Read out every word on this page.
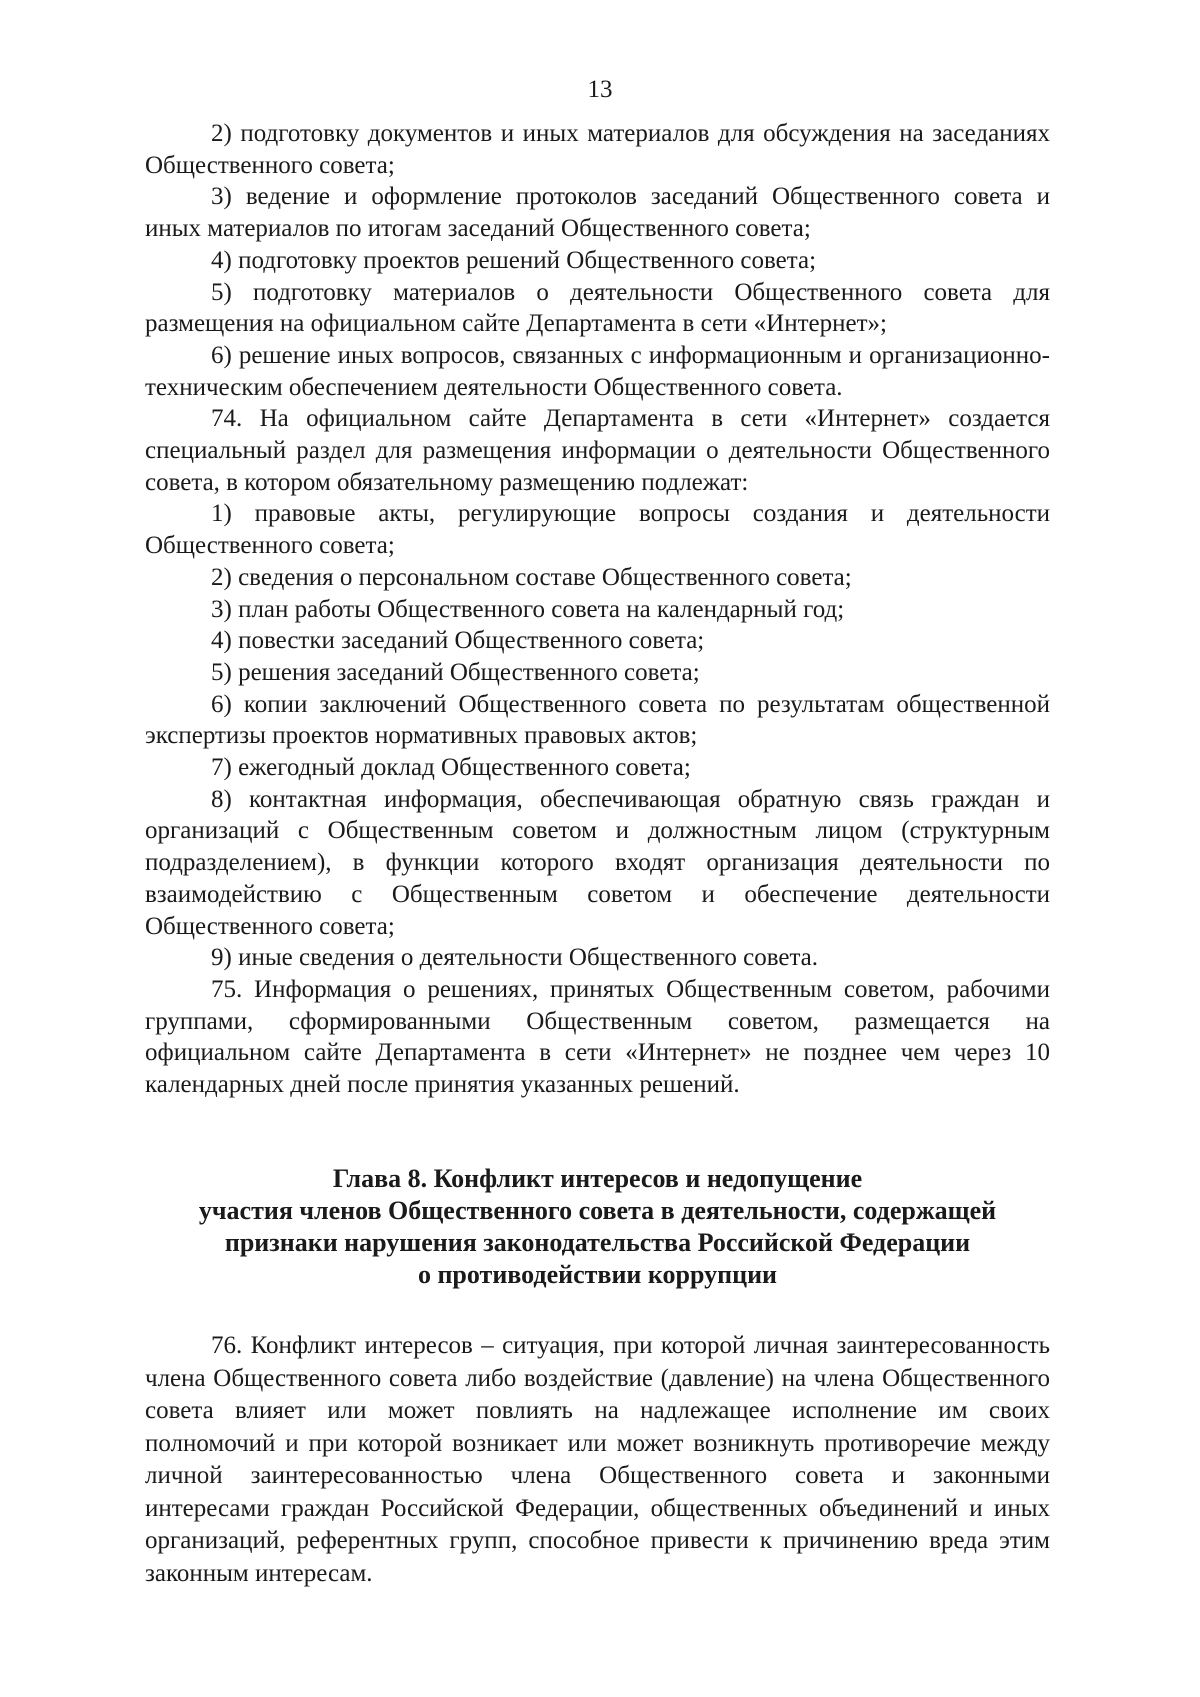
13

2) подготовку документов и иных материалов для обсуждения на заседаниях Общественного совета;

3) ведение и оформление протоколов заседаний Общественного совета и иных материалов по итогам заседаний Общественного совета;

4) подготовку проектов решений Общественного совета;

5) подготовку материалов о деятельности Общественного совета для размещения на официальном сайте Департамента в сети «Интернет»;

6) решение иных вопросов, связанных с информационным и организационно-техническим обеспечением деятельности Общественного совета.

74. На официальном сайте Департамента в сети «Интернет» создается специальный раздел для размещения информации о деятельности Общественного совета, в котором обязательному размещению подлежат:

1) правовые акты, регулирующие вопросы создания и деятельности Общественного совета;

2) сведения о персональном составе Общественного совета;

3) план работы Общественного совета на календарный год;

4) повестки заседаний Общественного совета;

5) решения заседаний Общественного совета;

6) копии заключений Общественного совета по результатам общественной экспертизы проектов нормативных правовых актов;

7) ежегодный доклад Общественного совета;

8) контактная информация, обеспечивающая обратную связь граждан и организаций с Общественным советом и должностным лицом (структурным подразделением), в функции которого входят организация деятельности по взаимодействию с Общественным советом и обеспечение деятельности Общественного совета;

9) иные сведения о деятельности Общественного совета.

75. Информация о решениях, принятых Общественным советом, рабочими группами, сформированными Общественным советом, размещается на официальном сайте Департамента в сети «Интернет» не позднее чем через 10 календарных дней после принятия указанных решений.

Глава 8. Конфликт интересов и недопущение
участия членов Общественного совета в деятельности, содержащей
признаки нарушения законодательства Российской Федерации
о противодействии коррупции

76. Конфликт интересов – ситуация, при которой личная заинтересованность члена Общественного совета либо воздействие (давление) на члена Общественного совета влияет или может повлиять на надлежащее исполнение им своих полномочий и при которой возникает или может возникнуть противоречие между личной заинтересованностью члена Общественного совета и законными интересами граждан Российской Федерации, общественных объединений и иных организаций, референтных групп, способное привести к причинению вреда этим законным интересам.
